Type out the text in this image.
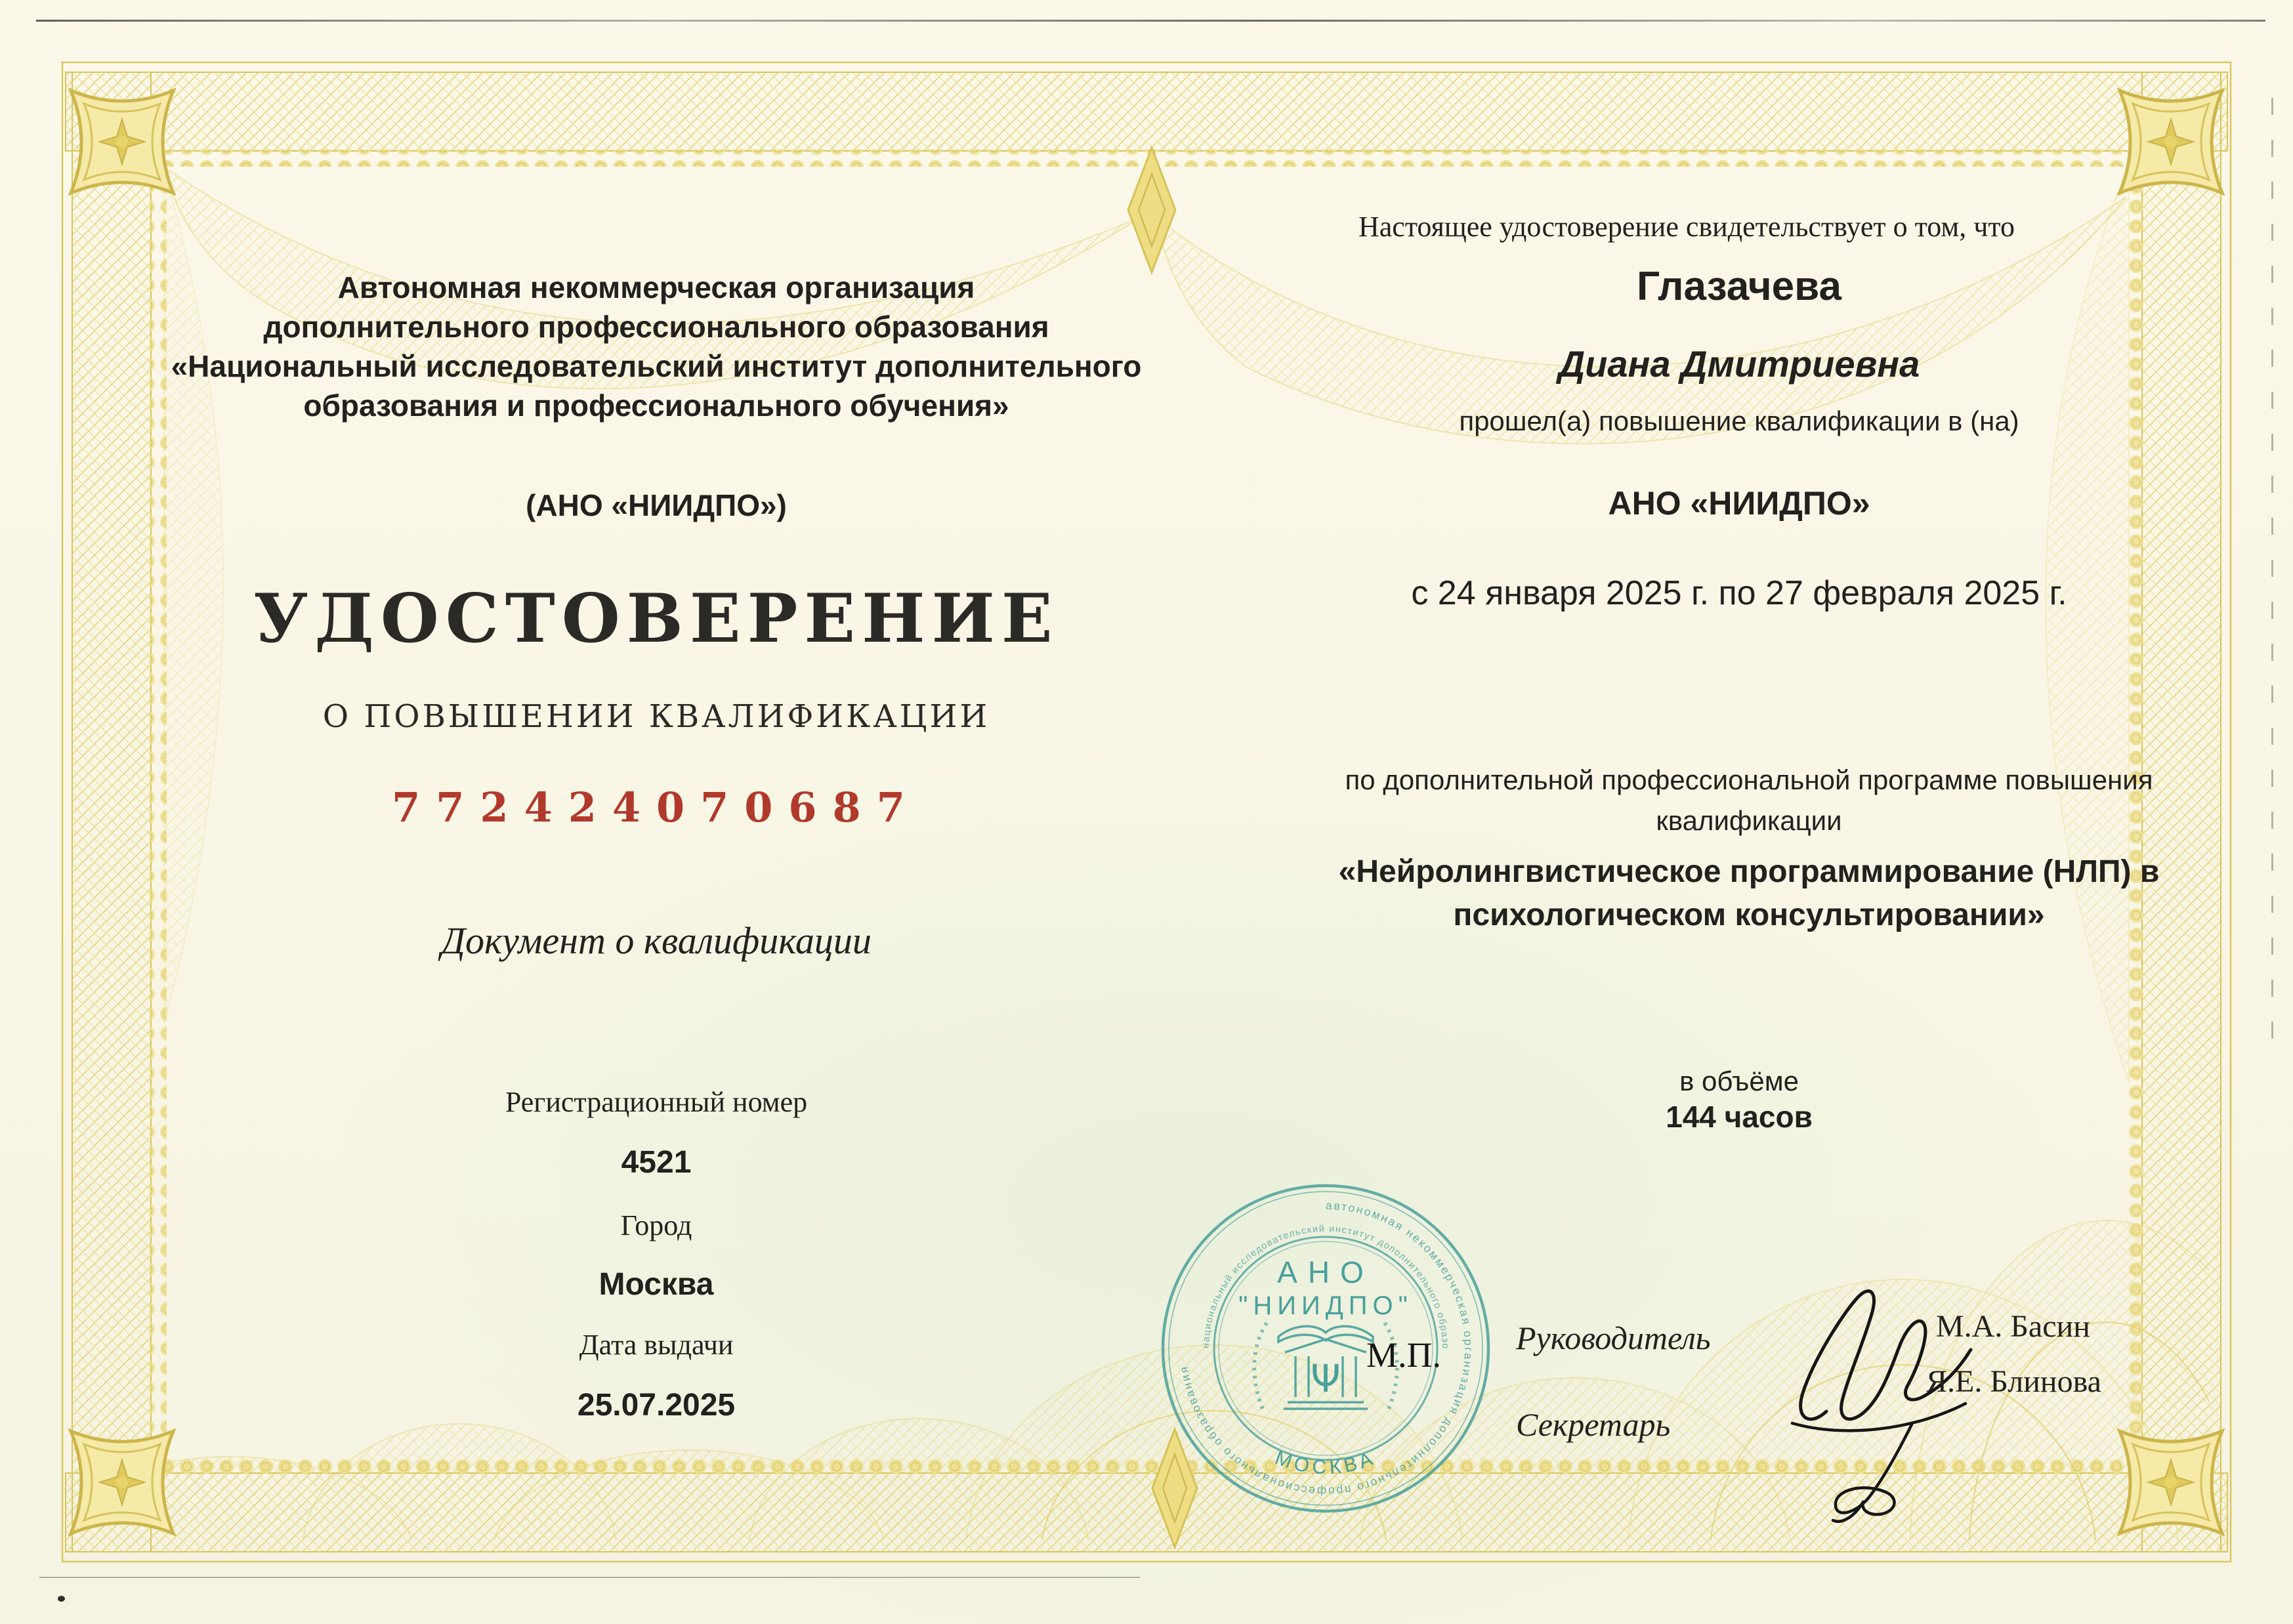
Автономная некоммерческая организация
дополнительного профессионального образования
«Национальный исследовательский институт дополнительного
образования и профессионального обучения»
(АНО «НИИДПО»)
УДОСТОВЕРЕНИЕ
О ПОВЫШЕНИИ КВАЛИФИКАЦИИ
772424070687
Документ о квалификации
Регистрационный номер
4521
Город
Москва
Дата выдачи
25.07.2025
Настоящее удостоверение свидетельствует о том, что
Глазачева
Диана Дмитриевна
прошел(а) повышение квалификации в (на)
АНО «НИИДПО»
с 24 января 2025 г. по 27 февраля 2025 г.
по дополнительной профессиональной программе повышения квалификации
«Нейролингвистическое программирование (НЛП) в психологическом консультировании»
в объёме
144 часов
автономная некоммерческая организация дополнительного профессионального образования
национальный исследовательский институт дополнительного образования и профессионального обучения
МОСКВА
АНО
"НИИДПО"
Ψ
М.П. Руководитель
Секретарь
М.А. Басин
Я.Е. Блинова
